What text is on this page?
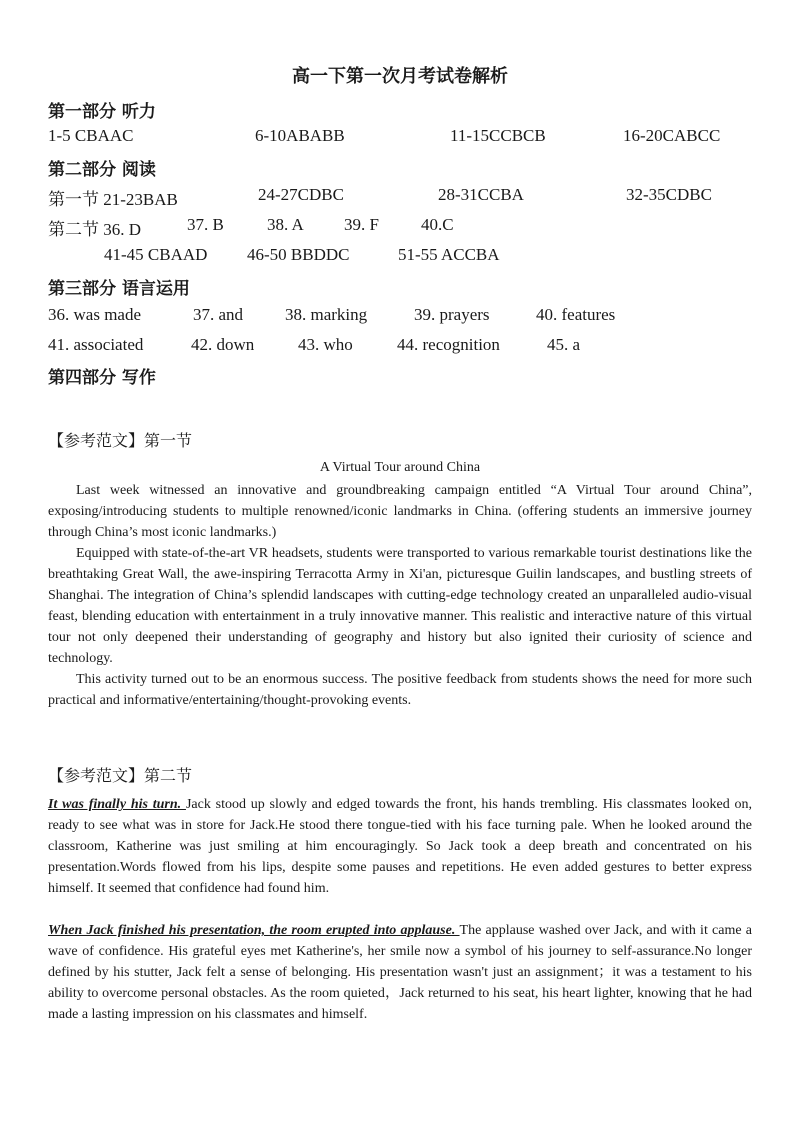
高一下第一次月考试卷解析
第一部分 听力
1-5 CBAAC	6-10ABABB	11-15CCBCB	16-20CABCC
第二部分 阅读
第一节 21-23BAB	24-27CDBC	28-31CCBA	32-35CDBC
第二节 36. D	37. B	38. A 39. F 40.C
41-45 CBAAD 46-50 BBDDC	51-55 ACCBA
第三部分 语言运用
36. was made	37. and 38. marking	39. prayers	40. features
41. associated	42. down	43. who	44. recognition	45. a
第四部分 写作
【参考范文】第一节
A Virtual Tour around China

Last week witnessed an innovative and groundbreaking campaign entitled “A Virtual Tour around China”, exposing/introducing students to multiple renowned/iconic landmarks in China. (offering students an immersive journey through China’s most iconic landmarks.)

Equipped with state-of-the-art VR headsets, students were transported to various remarkable tourist destinations like the breathtaking Great Wall, the awe-inspiring Terracotta Army in Xi'an, picturesque Guilin landscapes, and bustling streets of Shanghai. The integration of China’s splendid landscapes with cutting-edge technology created an unparalleled audio-visual feast, blending education with entertainment in a truly innovative manner. This realistic and interactive nature of this virtual tour not only deepened their understanding of geography and history but also ignited their curiosity of science and technology.

This activity turned out to be an enormous success. The positive feedback from students shows the need for more such practical and informative/entertaining/thought-provoking events.

【参考范文】第二节

It was finally his turn. Jack stood up slowly and edged towards the front, his hands trembling. His classmates looked on, ready to see what was in store for Jack.He stood there tongue-tied with his face turning pale. When he looked around the classroom, Katherine was just smiling at him encouragingly. So Jack took a deep breath and concentrated on his presentation.Words flowed from his lips, despite some pauses and repetitions. He even added gestures to better express himself. It seemed that confidence had found him.

When Jack finished his presentation, the room erupted into applause. The applause washed over Jack, and with it came a wave of confidence. His grateful eyes met Katherine's, her smile now a symbol of his journey to self-assurance.No longer defined by his stutter, Jack felt a sense of belonging. His presentation wasn't just an assignment；it was a testament to his ability to overcome personal obstacles. As the room quieted，Jack returned to his seat, his heart lighter, knowing that he had made a lasting impression on his classmates and himself.
